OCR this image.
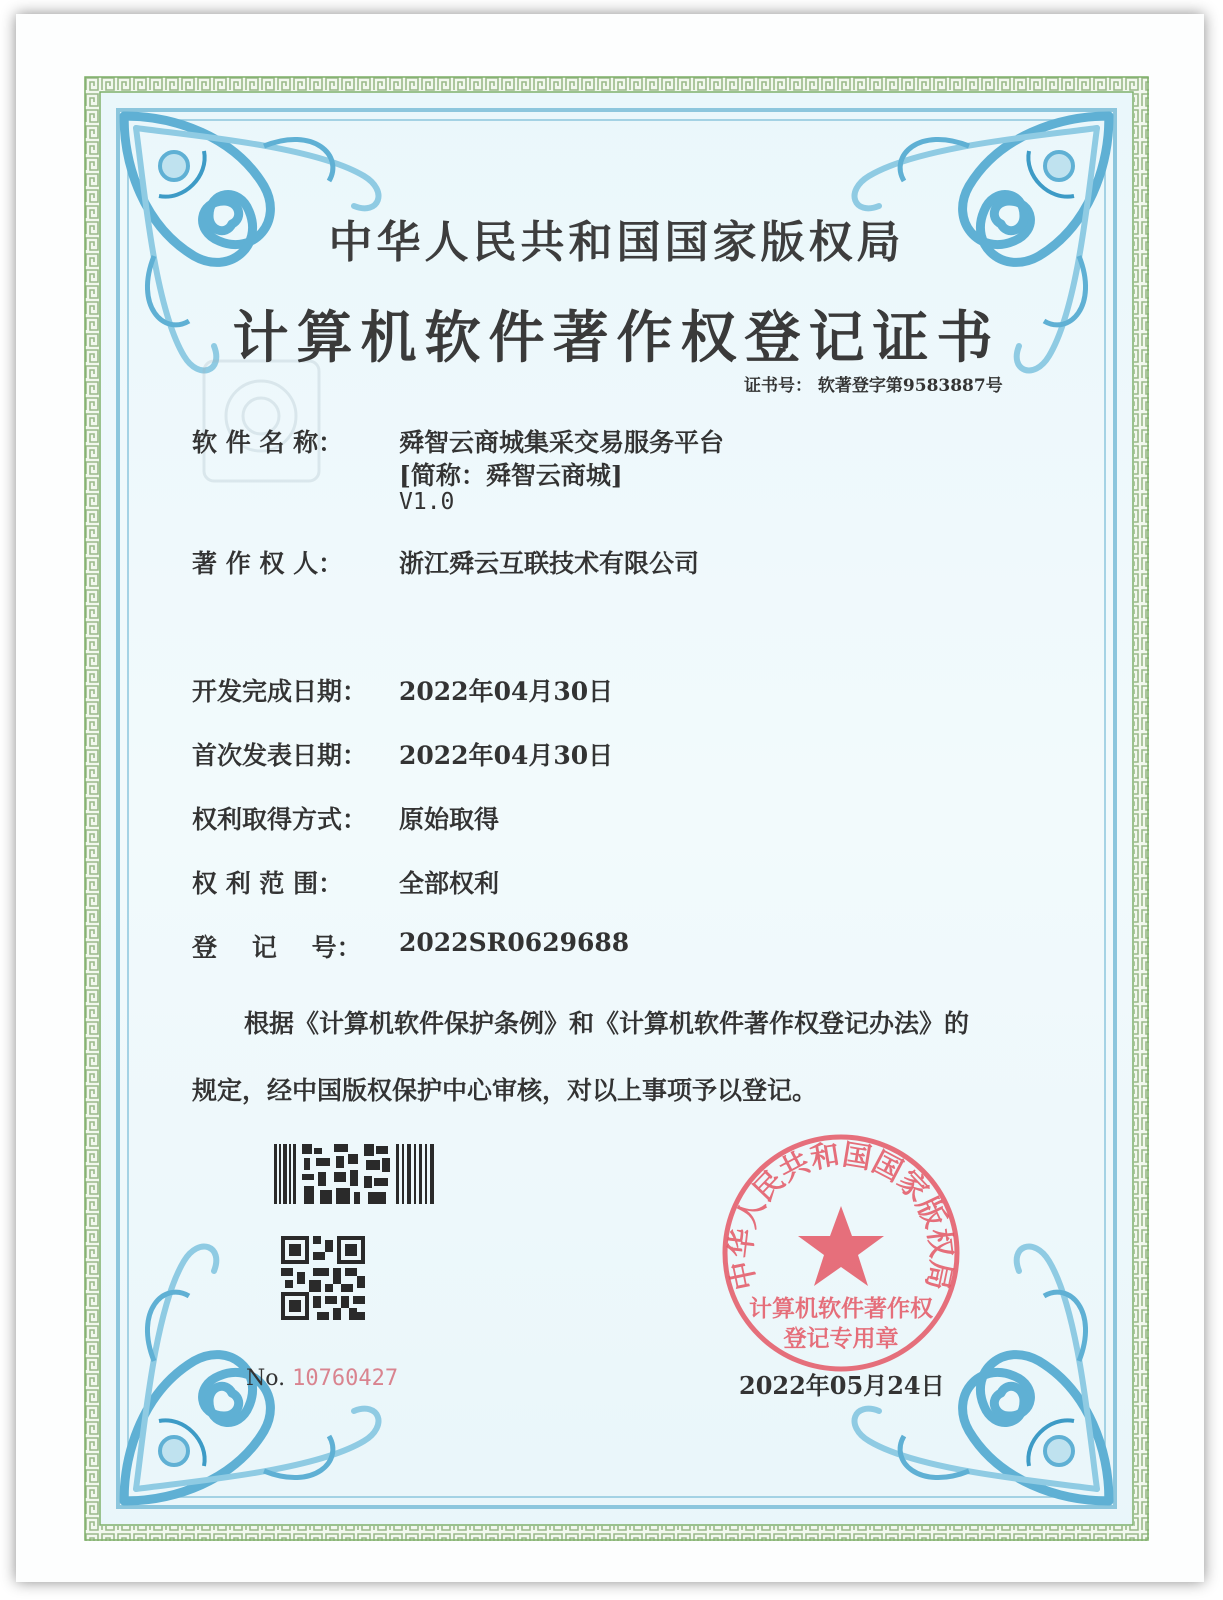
中华人民共和国国家版权局
计算机软件著作权登记证书
证书号： 软著登字第9583887号
软 件 名 称： 舜智云商城集采交易服务平台
[简称：舜智云商城]
V1.0
著 作 权 人： 浙江舜云互联技术有限公司
开发完成日期： 2022年04月30日
首次发表日期： 2022年04月30日
权利取得方式： 原始取得
权 利 范 围： 全部权利
登    记    号： 2022SR0629688
根据《计算机软件保护条例》和《计算机软件著作权登记办法》的
规定，经中国版权保护中心审核，对以上事项予以登记。
中华人民共和国国家版权局
计算机软件著作权
登记专用章
No. 10760427	2022年05月24日
